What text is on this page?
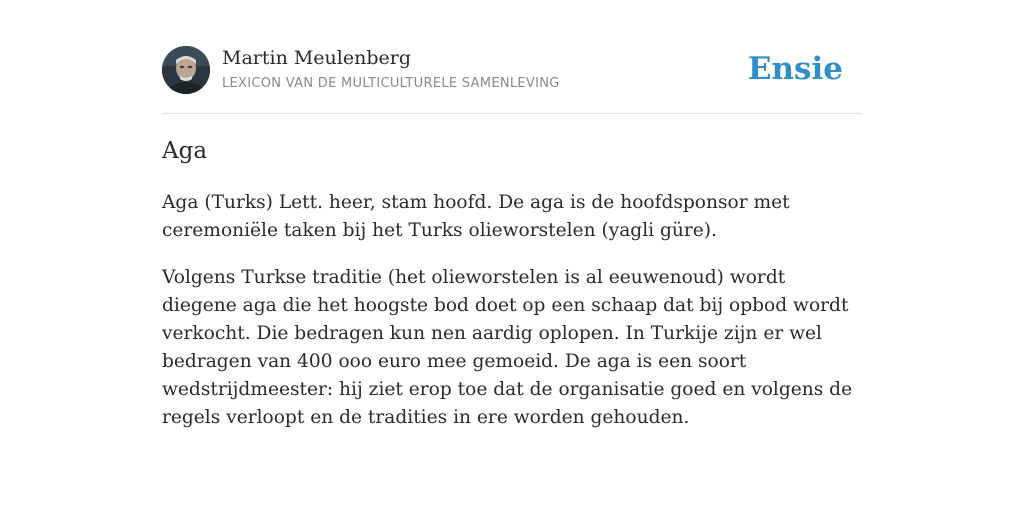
Martin Meulenberg
LEXICON VAN DE MULTICULTURELE SAMENLEVING	Ensie
Aga

Aga (Turks) Lett. heer, stam hoofd. De aga is de hoofdsponsor met ceremoniële taken bij het Turks olieworstelen (yagli güre).

Volgens Turkse traditie (het olieworstelen is al eeuwenoud) wordt diegene aga die het hoogste bod doet op een schaap dat bij opbod wordt verkocht. Die bedragen kun nen aardig oplopen. In Turkije zijn er wel bedragen van 400 ooo euro mee gemoeid. De aga is een soort wedstrijdmeester: hij ziet erop toe dat de organisatie goed en volgens de regels verloopt en de tradities in ere worden gehouden.
